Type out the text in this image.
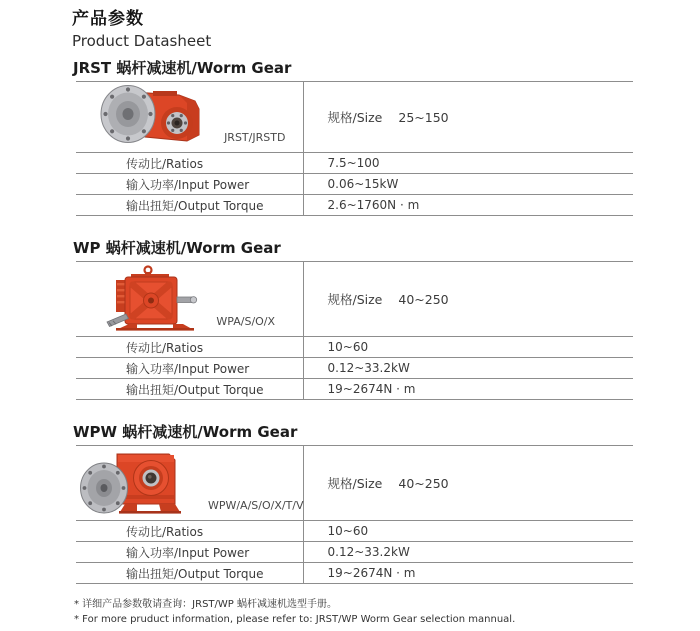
产品参数
Product Datasheet
JRST 蜗杆减速机/Worm Gear
JRST/JRSTD	规格/Size 25~150
传动比/Ratios	7.5~100
输入功率/Input Power	0.06~15kW
输出扭矩/Output Torque	2.6~1760N · m
WP 蜗杆减速机/Worm Gear
WPA/S/O/X	规格/Size 40~250
传动比/Ratios	10~60
输入功率/Input Power	0.12~33.2kW
输出扭矩/Output Torque	19~2674N · m
WPW 蜗杆减速机/Worm Gear
WPW/A/S/O/X/T/V	规格/Size 40~250
传动比/Ratios	10~60
输入功率/Input Power	0.12~33.2kW
输出扭矩/Output Torque	19~2674N · m
* 详细产品参数敬请查询：JRST/WP 蜗杆减速机选型手册。
* For more pruduct information, please refer to: JRST/WP Worm Gear selection mannual.
